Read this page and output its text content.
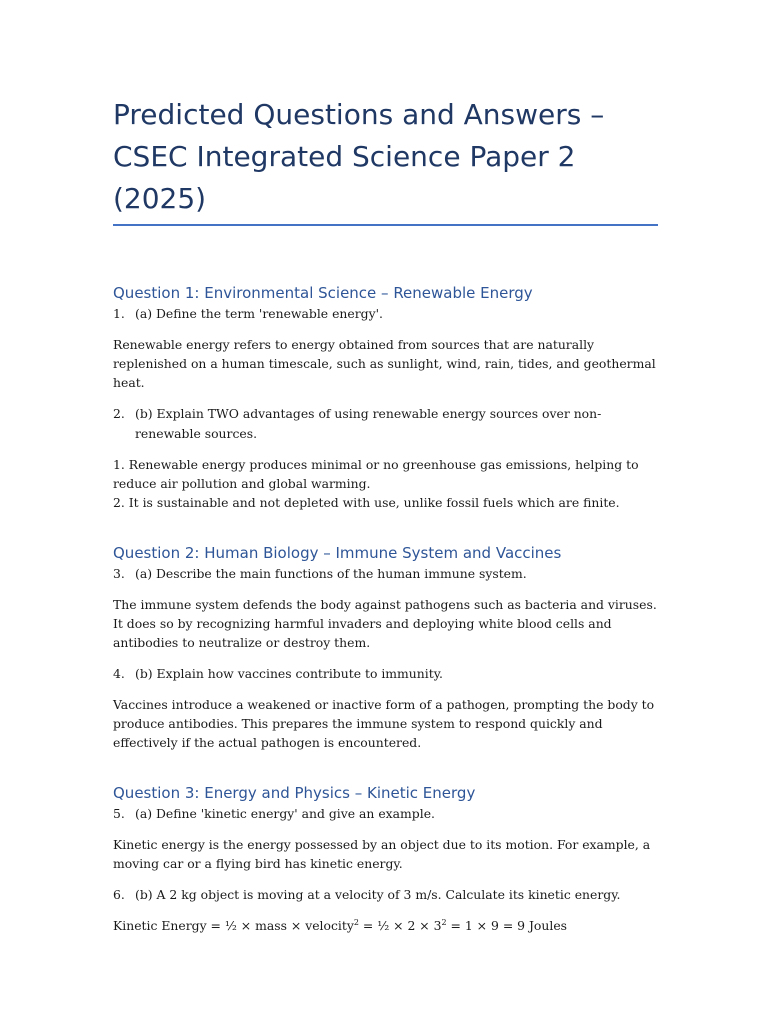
Predicted Questions and Answers –
CSEC Integrated Science Paper 2 (2025)
Question 1: Environmental Science – Renewable Energy
1. (a) Define the term 'renewable energy'.

Renewable energy refers to energy obtained from sources that are naturally replenished on a human timescale, such as sunlight, wind, rain, tides, and geothermal heat.

2. (b) Explain TWO advantages of using renewable energy sources over non-renewable sources.

1. Renewable energy produces minimal or no greenhouse gas emissions, helping to reduce air pollution and global warming.
2. It is sustainable and not depleted with use, unlike fossil fuels which are finite.

Question 2: Human Biology – Immune System and Vaccines
3. (a) Describe the main functions of the human immune system.

The immune system defends the body against pathogens such as bacteria and viruses. It does so by recognizing harmful invaders and deploying white blood cells and antibodies to neutralize or destroy them.

4. (b) Explain how vaccines contribute to immunity.

Vaccines introduce a weakened or inactive form of a pathogen, prompting the body to produce antibodies. This prepares the immune system to respond quickly and effectively if the actual pathogen is encountered.

Question 3: Energy and Physics – Kinetic Energy
5. (a) Define 'kinetic energy' and give an example.

Kinetic energy is the energy possessed by an object due to its motion. For example, a moving car or a flying bird has kinetic energy.

6. (b) A 2 kg object is moving at a velocity of 3 m/s. Calculate its kinetic energy.

Kinetic Energy = ½ × mass × velocity$^2$ = ½ × $2 \times 3^2 = 1 \times 9 = 9$ Joules
